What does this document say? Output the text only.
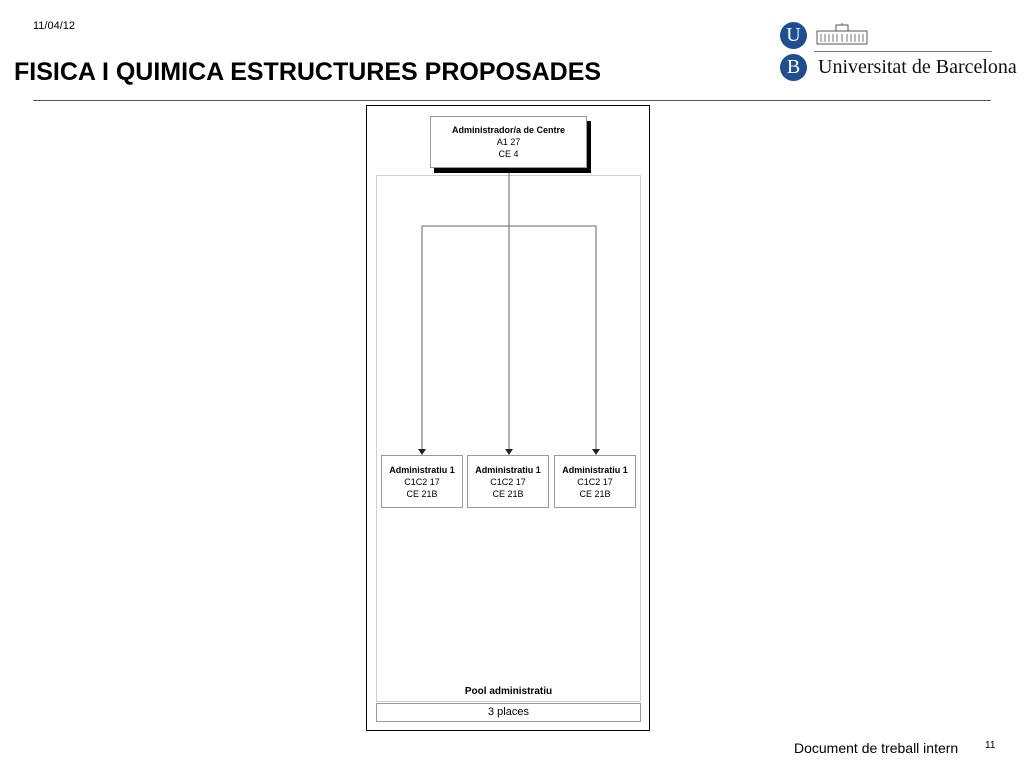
11/04/12
FISICA I QUIMICA ESTRUCTURES PROPOSADES
U
B Universitat de Barcelona
Administrador/a de Centre
A1 27
CE 4
Administratiu 1
C1C2 17
CE 21B
Administratiu 1
C1C2 17
CE 21B
Administratiu 1
C1C2 17
CE 21B
Pool administratiu
3 places
Document de treball intern	11
